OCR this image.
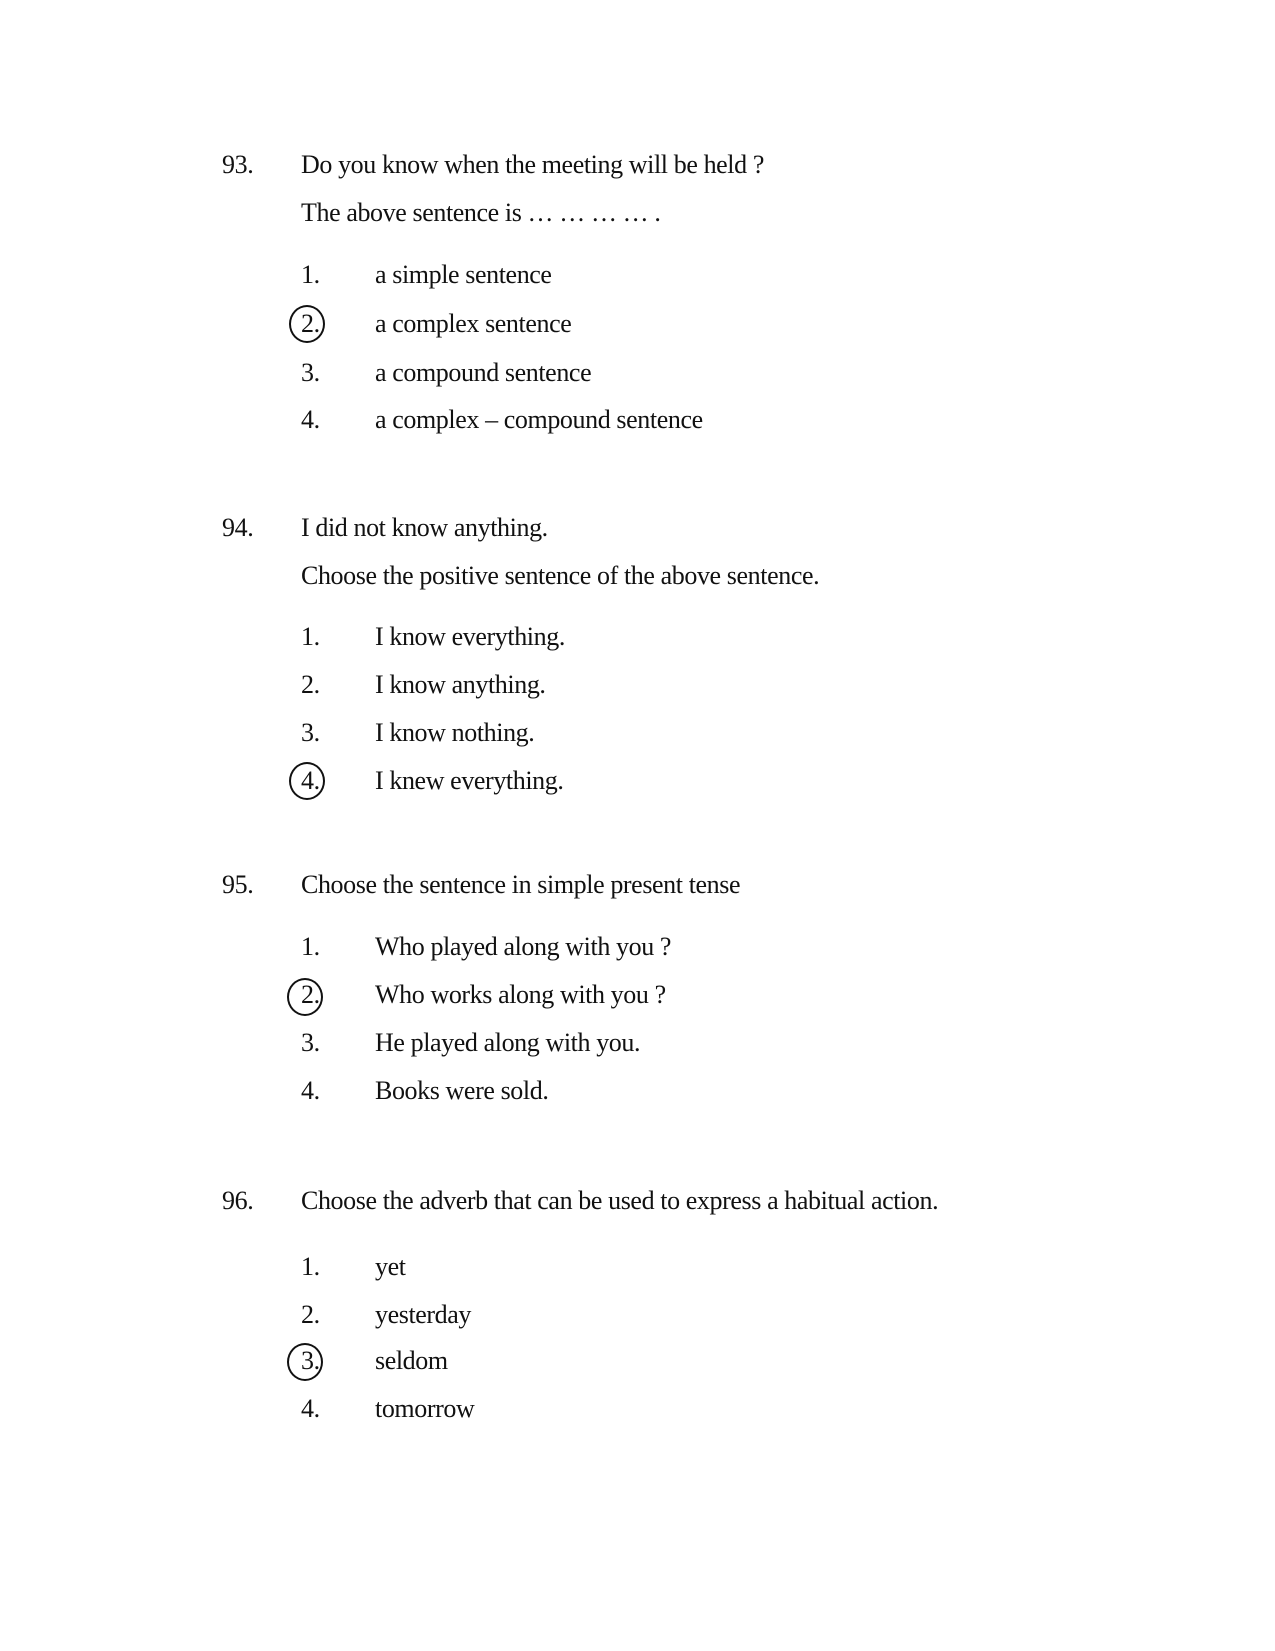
93. Do you know when the meeting will be held ?
The above sentence is … … … … .
1. a simple sentence
2. a complex sentence
3. a compound sentence
4. a complex – compound sentence
94. I did not know anything.
Choose the positive sentence of the above sentence.
1. I know everything.
2. I know anything.
3. I know nothing.
4. I knew everything.
95. Choose the sentence in simple present tense
1. Who played along with you ?
2. Who works along with you ?
3. He played along with you.
4. Books were sold.
96. Choose the adverb that can be used to express a habitual action.
1. yet
2. yesterday
3. seldom
4. tomorrow
